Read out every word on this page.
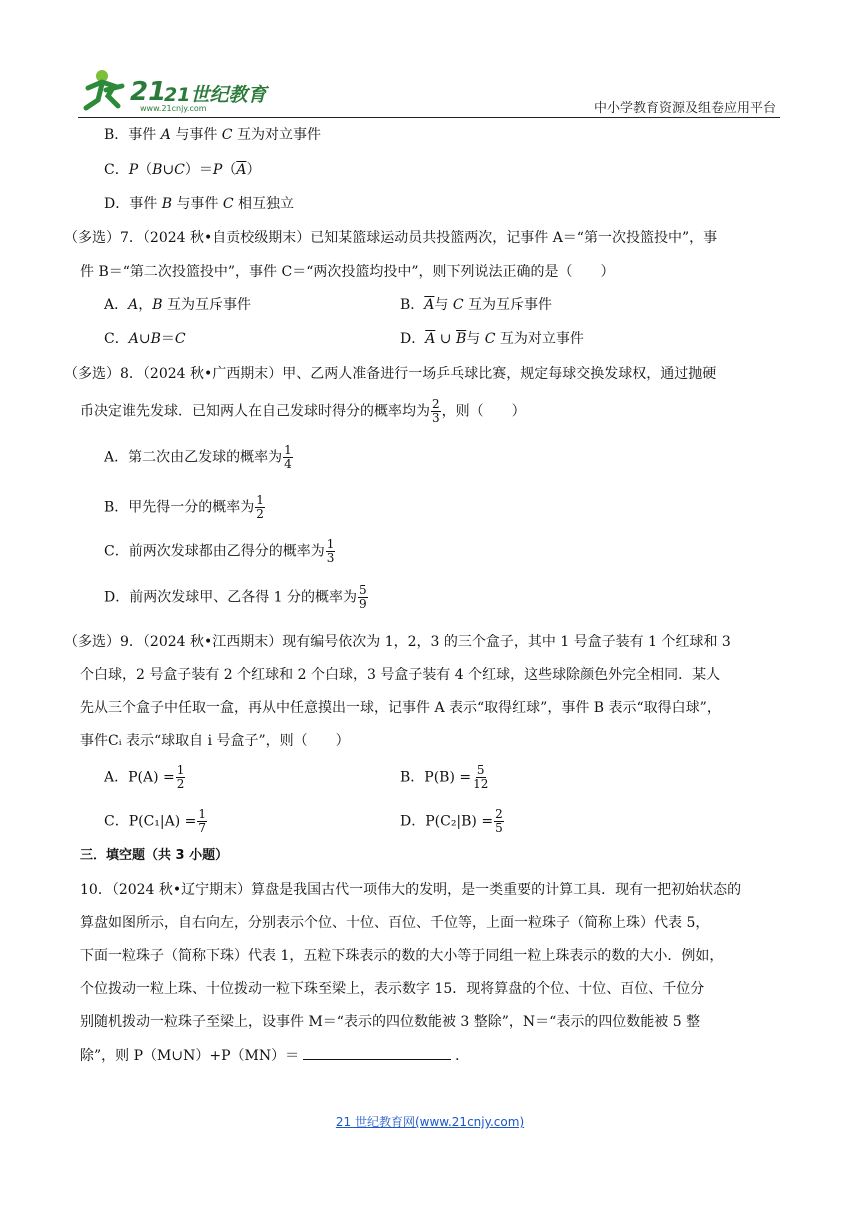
21
21世纪教育
www.21cnjy.com	中小学教育资源及组卷应用平台
B．事件 A 与事件 C 互为对立事件
C．$P(B\cup C)=P(\overline{A})$
D．事件 B 与事件 C 相互独立
（多选）7．（2024 秋•自贡校级期末）已知某篮球运动员共投篮两次，记事件 A＝“第一次投篮投中”，事
件 B＝“第二次投篮投中”，事件 C＝“两次投篮均投中”，则下列说法正确的是（　　）
A．A，B 互为互斥事件	B．$\overline{A}$与 C 互为互斥事件
C．A∪B＝C	D．$\overline{A}$ ∪ $\overline{B}$与 C 互为对立事件
（多选）8．（2024 秋•广西期末）甲、乙两人准备进行一场乒乓球比赛，规定每球交换发球权，通过抛硬
币决定谁先发球．已知两人在自己发球时得分的概率均为 $\frac{2}{3}$ ，则（　　）
A．第二次由乙发球的概率为 $\frac{1}{4}$
B．甲先得一分的概率为 $\frac{1}{2}$
C．前两次发球都由乙得分的概率为 $\frac{1}{3}$
D．前两次发球甲、乙各得 1 分的概率为 $\frac{5}{9}$
（多选）9．（2024 秋•江西期末）现有编号依次为 1，2，3 的三个盒子，其中 1 号盒子装有 1 个红球和 3
个白球，2 号盒子装有 2 个红球和 2 个白球，3 号盒子装有 4 个红球，这些球除颜色外完全相同．某人
先从三个盒子中任取一盒，再从中任意摸出一球，记事件 A 表示“取得红球”，事件 B 表示“取得白球”，
事件Cᵢ 表示“球取自 i 号盒子”，则（　　）
A．$P(A) = \frac{1}{2}$	B．$P(B) = \frac{5}{12}$
C．$P(C_1|A) = \frac{1}{7}$	D．$P(C_2|B) = \frac{2}{5}$
三．填空题（共 3 小题）
10．（2024 秋•辽宁期末）算盘是我国古代一项伟大的发明，是一类重要的计算工具．现有一把初始状态的
算盘如图所示，自右向左，分别表示个位、十位、百位、千位等，上面一粒珠子（简称上珠）代表 5，
下面一粒珠子（简称下珠）代表 1，五粒下珠表示的数的大小等于同组一粒上珠表示的数的大小．例如，
个位拨动一粒上珠、十位拨动一粒下珠至梁上，表示数字 15．现将算盘的个位、十位、百位、千位分
别随机拨动一粒珠子至梁上，设事件 M＝“表示的四位数能被 3 整除”，N＝“表示的四位数能被 5 整
除”，则 P（M∪N）+P（MN）＝	．
21 世纪教育网(www.21cnjy.com)
